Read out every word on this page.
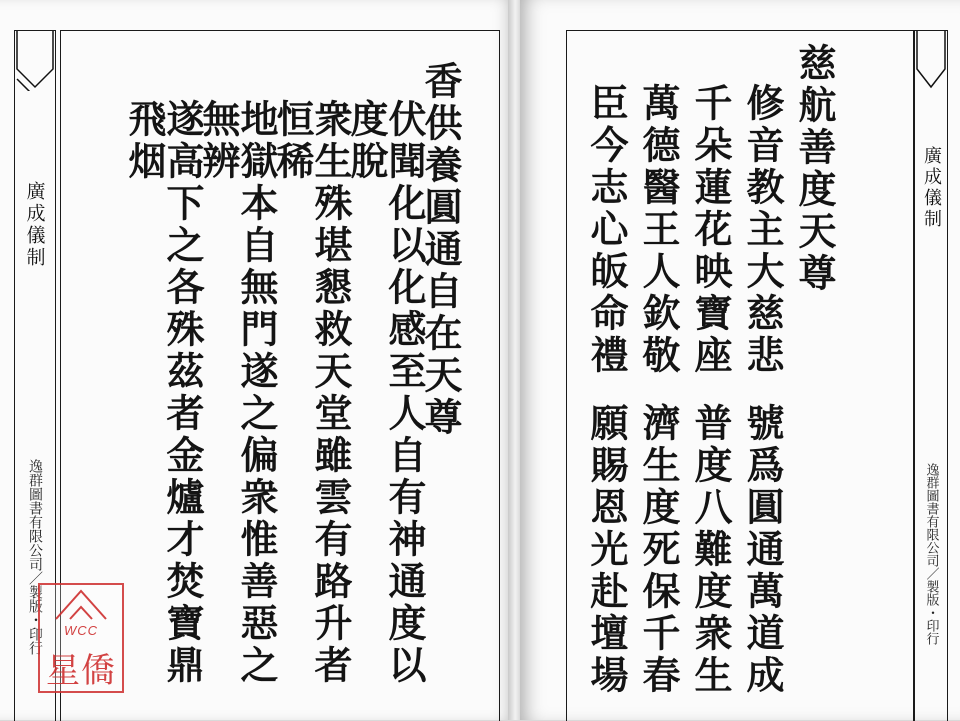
廣成儀制
逸群圖書有限公司／製版・印行
香供養圓通自在天尊
伏聞化以化感至人自有神通度以度脫
衆生殊堪懇救天堂雖雲有路升者恒稀
地獄本自無門遂之偏衆惟善惡之無辨
遂高下之各殊茲者金爐才焚寶鼎飛烟
WCC
星僑
慈航善度天尊
修音教主大慈悲
千朵蓮花映寶座
萬德醫王人欽敬
臣今志心皈命禮
號爲圓通萬道成
普度八難度衆生
濟生度死保千春
願賜恩光赴壇場
廣成儀制
逸群圖書有限公司／製版・印行
